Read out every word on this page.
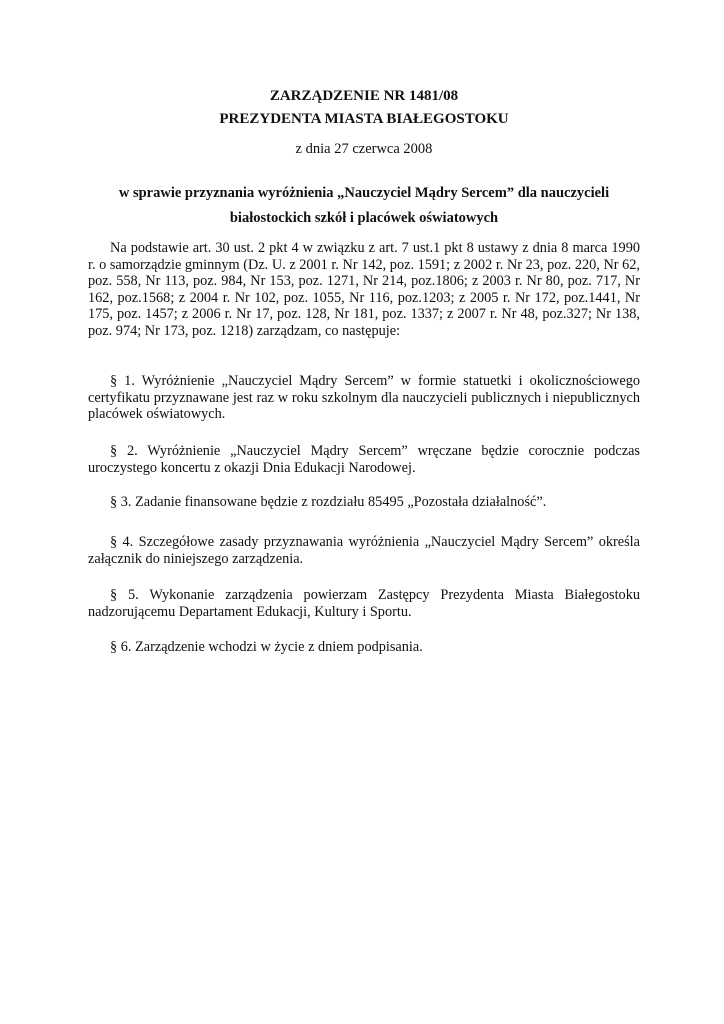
ZARZĄDZENIE NR 1481/08
PREZYDENTA MIASTA BIAŁEGOSTOKU
z dnia 27 czerwca 2008
w sprawie przyznania wyróżnienia „Nauczyciel Mądry Sercem” dla nauczycieli
białostockich szkół i placówek oświatowych

Na podstawie art. 30 ust. 2 pkt 4 w związku z art. 7 ust.1 pkt 8 ustawy z dnia 8 marca 1990 r. o samorządzie gminnym (Dz. U. z 2001 r. Nr 142, poz. 1591; z 2002 r. Nr 23, poz. 220, Nr 62, poz. 558, Nr 113, poz. 984, Nr 153, poz. 1271, Nr 214, poz.1806; z 2003 r. Nr 80, poz. 717, Nr 162, poz.1568; z 2004 r. Nr 102, poz. 1055, Nr 116, poz.1203; z 2005 r. Nr 172, poz.1441, Nr 175, poz. 1457; z 2006 r. Nr 17, poz. 128, Nr 181, poz. 1337; z 2007 r. Nr 48, poz.327; Nr 138, poz. 974; Nr 173, poz. 1218) zarządzam, co następuje:

§ 1. Wyróżnienie „Nauczyciel Mądry Sercem” w formie statuetki i okolicznościowego certyfikatu przyznawane jest raz w roku szkolnym dla nauczycieli publicznych i niepublicznych placówek oświatowych.

§ 2. Wyróżnienie „Nauczyciel Mądry Sercem” wręczane będzie corocznie podczas uroczystego koncertu z okazji Dnia Edukacji Narodowej.

§ 3. Zadanie finansowane będzie z rozdziału 85495 „Pozostała działalność”.

§ 4. Szczegółowe zasady przyznawania wyróżnienia „Nauczyciel Mądry Sercem” określa załącznik do niniejszego zarządzenia.

§ 5. Wykonanie zarządzenia powierzam Zastępcy Prezydenta Miasta Białegostoku nadzorującemu Departament Edukacji, Kultury i Sportu.

§ 6. Zarządzenie wchodzi w życie z dniem podpisania.
